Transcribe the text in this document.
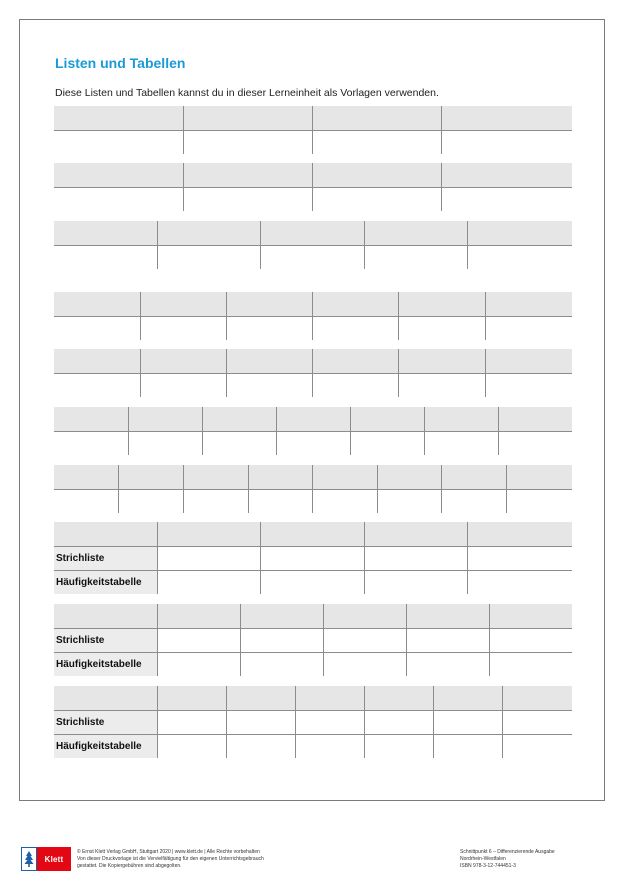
Listen und Tabellen

Diese Listen und Tabellen kannst du in dieser Lerneinheit als Vorlagen verwenden.

Strichliste				
Häufigkeitstabelle				

Strichliste					
Häufigkeitstabelle					

Strichliste						
Häufigkeitstabelle						
Klett
© Ernst Klett Verlag GmbH, Stuttgart 2020 | www.klett.de | Alle Rechte vorbehalten
Von dieser Druckvorlage ist die Vervielfältigung für den eigenen Unterrichtsgebrauch
gestattet. Die Kopiergebühren sind abgegolten.
Schnittpunkt 6 – Differenzierende Ausgabe
Nordrhein-Westfalen
ISBN 978-3-12-744451-3
